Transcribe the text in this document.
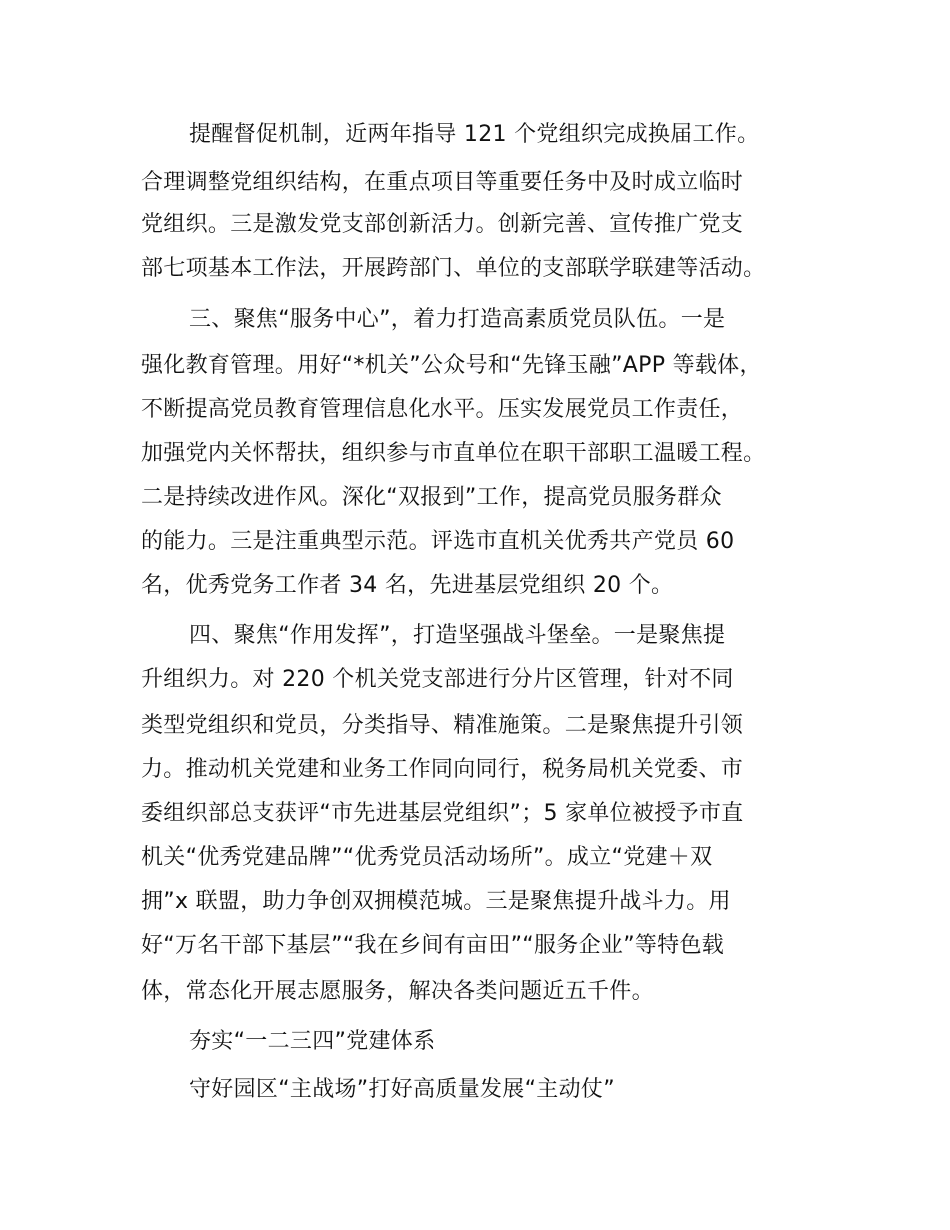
提醒督促机制，近两年指导 121 个党组织完成换届工作。
合理调整党组织结构，在重点项目等重要任务中及时成立临时
党组织。三是激发党支部创新活力。创新完善、宣传推广党支
部七项基本工作法，开展跨部门、单位的支部联学联建等活动。
三、聚焦“服务中心”，着力打造高素质党员队伍。一是
强化教育管理。用好“*机关”公众号和“先锋玉融”APP 等载体，
不断提高党员教育管理信息化水平。压实发展党员工作责任，
加强党内关怀帮扶，组织参与市直单位在职干部职工温暖工程。
二是持续改进作风。深化“双报到”工作，提高党员服务群众
的能力。三是注重典型示范。评选市直机关优秀共产党员 60
名，优秀党务工作者 34 名，先进基层党组织 20 个。
四、聚焦“作用发挥”，打造坚强战斗堡垒。一是聚焦提
升组织力。对 220 个机关党支部进行分片区管理，针对不同
类型党组织和党员，分类指导、精准施策。二是聚焦提升引领
力。推动机关党建和业务工作同向同行，税务局机关党委、市
委组织部总支获评“市先进基层党组织”；5 家单位被授予市直
机关“优秀党建品牌”“优秀党员活动场所”。成立“党建＋双
拥”x 联盟，助力争创双拥模范城。三是聚焦提升战斗力。用
好“万名干部下基层”“我在乡间有亩田”“服务企业”等特色载
体，常态化开展志愿服务，解决各类问题近五千件。
夯实“一二三四”党建体系
守好园区“主战场”打好高质量发展“主动仗”
